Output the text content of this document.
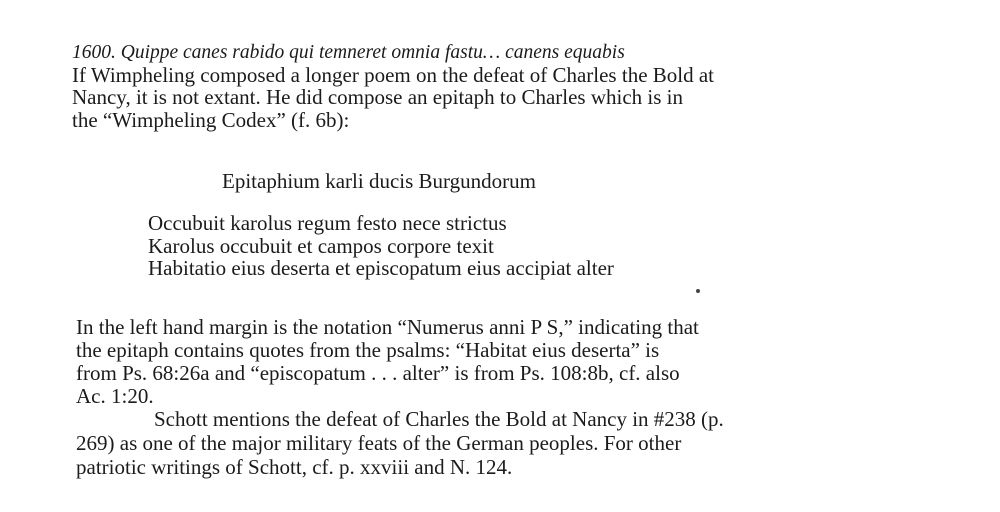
1600. Quippe canes rabido qui temneret omnia fastu… canens equabis
If Wimpheling composed a longer poem on the defeat of Charles the Bold at
Nancy, it is not extant. He did compose an epitaph to Charles which is in
the “Wimpheling Codex” (f. 6b):
Epitaphium karli ducis Burgundorum
Occubuit karolus regum festo nece strictus
Karolus occubuit et campos corpore texit
Habitatio eius deserta et episcopatum eius accipiat alter
In the left hand margin is the notation “Numerus anni P S,” indicating that
the epitaph contains quotes from the psalms: “Habitat eius deserta” is
from Ps. 68:26a and “episcopatum . . . alter” is from Ps. 108:8b, cf. also
Ac. 1:20.
Schott mentions the defeat of Charles the Bold at Nancy in #238 (p.
269) as one of the major military feats of the German peoples. For other
patriotic writings of Schott, cf. p. xxviii and N. 124.
